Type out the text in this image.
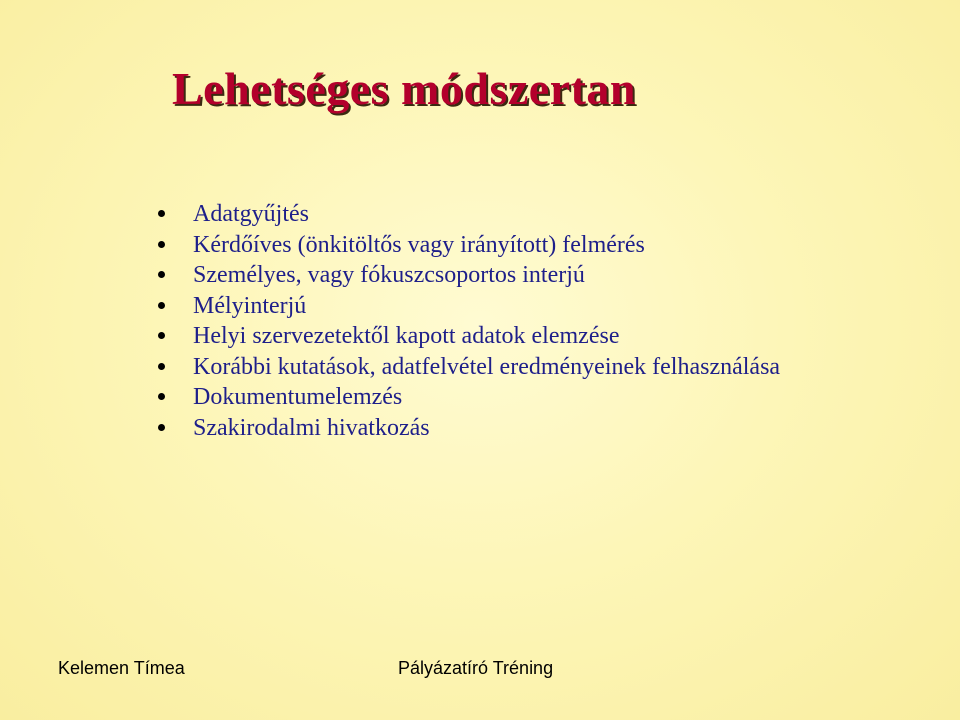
Lehetséges módszertan
Adatgyűjtés
Kérdőíves (önkitöltős vagy irányított) felmérés
Személyes, vagy fókuszcsoportos interjú
Mélyinterjú
Helyi szervezetektől kapott adatok elemzése
Korábbi kutatások, adatfelvétel eredményeinek felhasználása
Dokumentumelemzés
Szakirodalmi hivatkozás
Kelemen Tímea	Pályázatíró Tréning
